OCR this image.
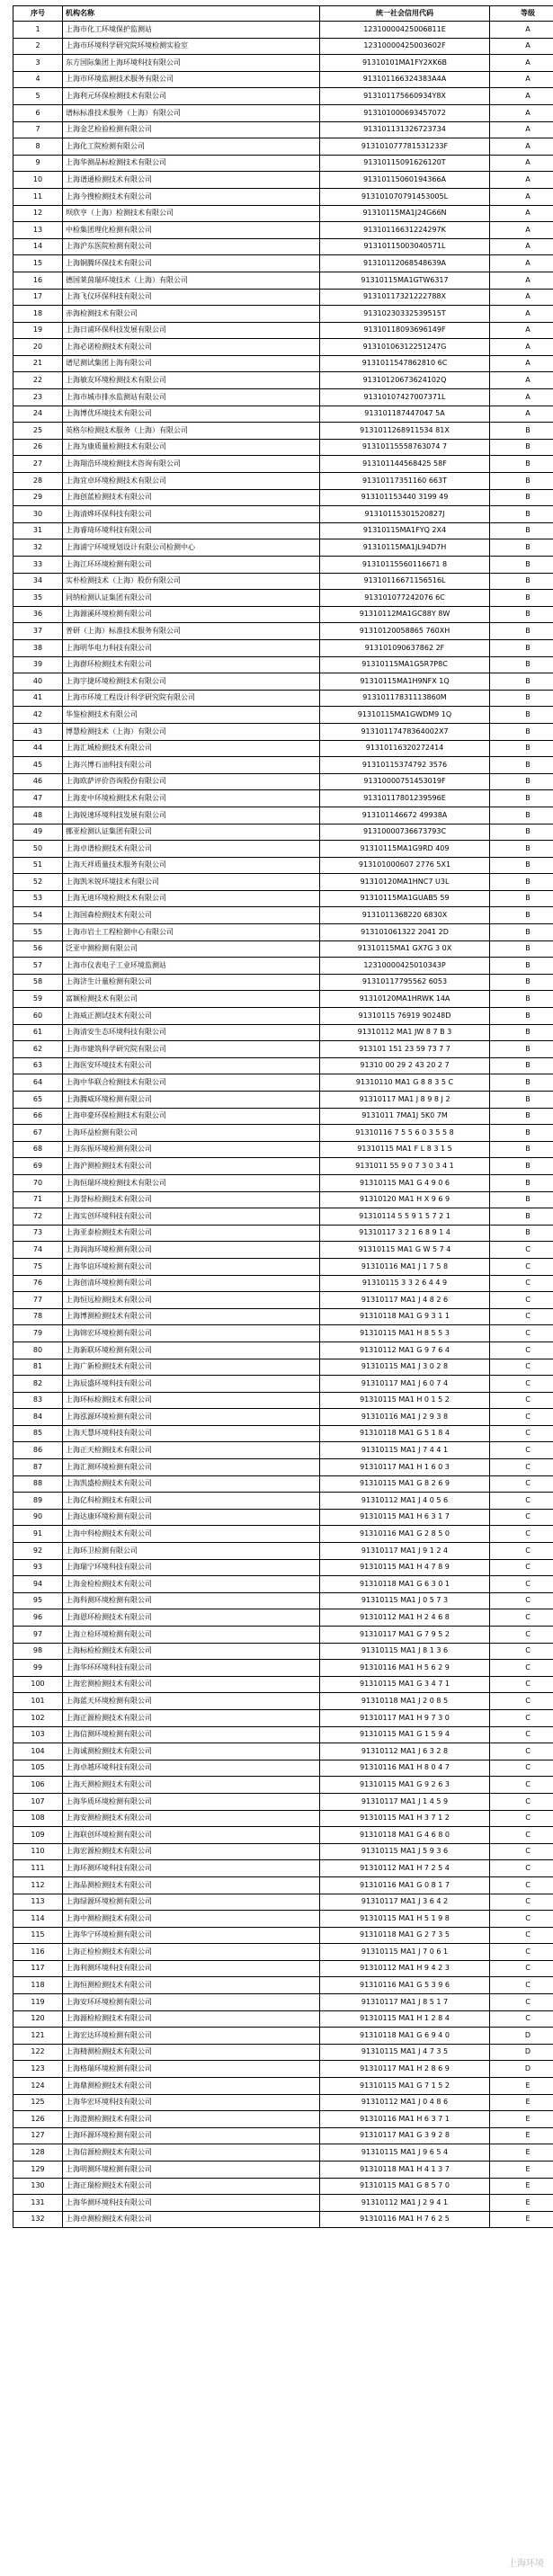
序号	机构名称	统一社会信用代码	等级
1	上海市化工环境保护监测站	12310000425006811E	A
2	上海市环境科学研究院环境检测实验室	12310000425003602F	A
3	东方国际集团上海环境科技有限公司	91310101MA1FY2XK6B	A
4	上海市环境监测技术服务有限公司	913101166324383A4A	A
5	上海利元环保检测技术有限公司	913101175660934Y8X	A
6	谱标标准技术服务（上海）有限公司	913101000693457072	A
7	上海金艺检验检测有限公司	913101131326723734	A
8	上海化工院检测有限公司	913101077781531233F	A
9	上海华测品标检测技术有限公司	91310115091626120T	A
10	上海谱通检测技术有限公司	91310115060194366A	A
11	上海今搜检测技术有限公司	913101070791453005L	A
12	坝欣亨（上海）检测技术有限公司	91310115MA1J24G66N	A
13	中检集团理化检测有限公司	91310116631224297K	A
14	上海沪东医院检测有限公司	91310115003040571L	A
15	上海铜腾环保技术有限公司	91310112068548639A	A
16	德国莱茵瑞环境技术（上海）有限公司	91310115MA1GTW6317	A
17	上海飞仪环保科技有限公司	91310117321222788X	A
18	赤海检测技术有限公司	91310230332539515T	A
19	上海日浦环保科技发展有限公司	91310118093696149F	A
20	上海必诺检测技术有限公司	91310106312251247G	A
21	谱尼测试集团上海有限公司	9131011547862810 6C	A
22	上海敏友环境检测技术有限公司	91310120673624102Q	A
23	上海市城市排水监测站有限公司	91310107427007371L	A
24	上海博优环境技术有限公司	913101187447047 5A	A
25	英格尔检测技术服务（上海）有限公司	9131011268911534 81X	B
26	上海为康质量检测技术有限公司	91310115558763074 7	B
27	上海翔浩环境检测技术咨询有限公司	913101144568425 58F	B
28	上海宜卓环境检测技术有限公司	91310117351160 663T	B
29	上海创蓝检测技术有限公司	913101153440 3199 49	B
30	上海清烨环保科技有限公司	91310115301520827J	B
31	上海睿琦环境科技有限公司	91310115MA1FYQ 2X4	B
32	上海浦宁环境规划设计有限公司检测中心	91310115MA1JL94D7H	B
33	上海江环环境检测有限公司	91310115560116671 8	B
34	实朴检测技术（上海）股份有限公司	91310116671156516L	B
35	同纳检测认证集团有限公司	913101077242076 6C	B
36	上海源溪环境检测有限公司	91310112MA1GC88Y 8W	B
37	普研（上海）标准技术服务有限公司	91310120058865 760XH	B
38	上海明华电力科技有限公司	913101090637862 2F	B
39	上海群环检测技术有限公司	91310115MA1G5R7P8C	B
40	上海宇捷环境检测技术有限公司	91310115MA1H9NFX 1Q	B
41	上海市环境工程设计科学研究院有限公司	91310117831113860M	B
42	华鉴检测技术有限公司	91310115MA1GWDM9 1Q	B
43	博慧检测技术（上海）有限公司	91310117478364002X7	B
44	上海汇城检测技术有限公司	91310116320272414	B
45	上海兴博石油科技有限公司	91310115374792 3576	B
46	上海欧萨评价咨询股份有限公司	91310000751453019F	B
47	上海麦中环境检测技术有限公司	91310117801239596E	B
48	上海锐速环境科技发展有限公司	913101146672 49938A	B
49	挪亚检测认证集团有限公司	91310000736673793C	B
50	上海卓谱检测技术有限公司	91310115MA1G9RD 409	B
51	上海天祥质量技术服务有限公司	913101000607 2776 5X1	B
52	上海凯米锐环境技术有限公司	91310120MA1HNC7 U3L	B
53	上海无迪环境检测技术有限公司	91310115MA1GUAB5 59	B
54	上海国森检测技术有限公司	9131011368220 6830X	B
55	上海市岩土工程检测中心有限公司	913101061322 2041 2D	B
56	泛亚中测检测有限公司	91310115MA1 GX7G 3 0X	B
57	上海市仪表电子工业环境监测站	12310000425010343P	B
58	上海济生计量检测有限公司	91310117795562 6053	B
59	富颖检测技术有限公司	91310120MA1HRWK 14A	B
60	上海威正测试技术有限公司	91310115 76919 90248D	B
61	上海清安生态环境科技有限公司	91310112 MA1 JW 8 7 B 3	B
62	上海市建筑科学研究院有限公司	913101 151 23 59 73 7 7	B
63	上海医安环境技术有限公司	91310 00 29 2 43 20 2 7	B
64	上海中华联合检测技术有限公司	91310110 MA1 G 8 8 3 5 C	B
65	上海腾威环境检测有限公司	91310117 MA1 J 8 9 8 J 2	B
66	上海申豪环保检测技术有限公司	9131011 7MA1J 5K0 7M	B
67	上海环益检测有限公司	91310116 7 5 5 6 0 3 5 5 8	B
68	上海东振环境检测有限公司	91310115 MA1 F L 8 3 1 5	B
69	上海沪测检测技术有限公司	9131011 55 9 0 7 3 0 3 4 1	B
70	上海恒瑞环境检测技术有限公司	91310115 MA1 G 4 9 0 6	B
71	上海誉标检测技术有限公司	91310120 MA1 H X 9 6 9	B
72	上海实创环境科技有限公司	91310114 5 5 9 1 5 7 2 1	B
73	上海亚泰检测技术有限公司	91310117 3 2 1 6 8 9 1 4	B
74	上海润海环境检测有限公司	91310115 MA1 G W 5 7 4	C
75	上海华谊环境检测有限公司	91310116 MA1 J 1 7 5 8	C
76	上海创清环境检测有限公司	91310115 3 3 2 6 4 4 9	C
77	上海恒远检测技术有限公司	91310117 MA1 J 4 8 2 6	C
78	上海博测检测技术有限公司	91310118 MA1 G 9 3 1 1	C
79	上海锦宏环境检测有限公司	91310115 MA1 H 8 5 5 3	C
80	上海新联环境检测有限公司	91310112 MA1 G 9 7 6 4	C
81	上海广新检测技术有限公司	91310115 MA1 J 3 0 2 8	C
82	上海辰盛环境科技有限公司	91310117 MA1 J 6 0 7 4	C
83	上海环标检测技术有限公司	91310115 MA1 H 0 1 5 2	C
84	上海泓源环境检测有限公司	91310116 MA1 J 2 9 3 8	C
85	上海天慧环境科技有限公司	91310118 MA1 G 5 1 8 4	C
86	上海正天检测技术有限公司	91310115 MA1 J 7 4 4 1	C
87	上海汇测环境检测有限公司	91310117 MA1 H 1 6 0 3	C
88	上海凯盛检测技术有限公司	91310115 MA1 G 8 2 6 9	C
89	上海亿科检测技术有限公司	91310112 MA1 J 4 0 5 6	C
90	上海达康环境检测有限公司	91310115 MA1 H 6 3 1 7	C
91	上海中科检测技术有限公司	91310116 MA1 G 2 8 5 0	C
92	上海环卫检测有限公司	91310117 MA1 J 9 1 2 4	C
93	上海瑞宁环境科技有限公司	91310115 MA1 H 4 7 8 9	C
94	上海金检检测技术有限公司	91310118 MA1 G 6 3 0 1	C
95	上海科测环境检测有限公司	91310115 MA1 J 0 5 7 3	C
96	上海恩环检测技术有限公司	91310112 MA1 H 2 4 6 8	C
97	上海立检环境检测有限公司	91310117 MA1 G 7 9 5 2	C
98	上海标检检测技术有限公司	91310115 MA1 J 8 1 3 6	C
99	上海华环环境科技有限公司	91310116 MA1 H 5 6 2 9	C
100	上海宏测检测技术有限公司	91310115 MA1 G 3 4 7 1	C
101	上海蓝天环境检测有限公司	91310118 MA1 J 2 0 8 5	C
102	上海正源检测技术有限公司	91310117 MA1 H 9 7 3 0	C
103	上海信测环境检测有限公司	91310115 MA1 G 1 5 9 4	C
104	上海诚测检测技术有限公司	91310112 MA1 J 6 3 2 8	C
105	上海卓越环境科技有限公司	91310116 MA1 H 8 0 4 7	C
106	上海天测检测技术有限公司	91310115 MA1 G 9 2 6 3	C
107	上海华质环境检测有限公司	91310117 MA1 J 1 4 5 9	C
108	上海安测检测技术有限公司	91310115 MA1 H 3 7 1 2	C
109	上海联创环境检测有限公司	91310118 MA1 G 4 6 8 0	C
110	上海宏源检测技术有限公司	91310115 MA1 J 5 9 3 6	C
111	上海环测环境科技有限公司	91310112 MA1 H 7 2 5 4	C
112	上海品测检测技术有限公司	91310116 MA1 G 0 8 1 7	C
113	上海绿源环境检测有限公司	91310117 MA1 J 3 6 4 2	C
114	上海中测检测技术有限公司	91310115 MA1 H 5 1 9 8	C
115	上海华宁环境检测有限公司	91310118 MA1 G 2 7 3 5	C
116	上海正检检测技术有限公司	91310115 MA1 J 7 0 6 1	C
117	上海利测环境科技有限公司	91310112 MA1 H 9 4 2 3	C
118	上海恒测检测技术有限公司	91310116 MA1 G 5 3 9 6	C
119	上海安环环境检测有限公司	91310117 MA1 J 8 5 1 7	C
120	上海源检检测技术有限公司	91310115 MA1 H 1 2 8 4	C
121	上海宏达环境检测有限公司	91310118 MA1 G 6 9 4 0	D
122	上海精测检测技术有限公司	91310115 MA1 J 4 7 3 5	D
123	上海格瑞环境检测有限公司	91310117 MA1 H 2 8 6 9	D
124	上海鼎测检测技术有限公司	91310115 MA1 G 7 1 5 2	E
125	上海华宏环境科技有限公司	91310112 MA1 J 0 4 8 6	E
126	上海澄测检测技术有限公司	91310116 MA1 H 6 3 7 1	E
127	上海环源环境检测有限公司	91310117 MA1 G 3 9 2 8	E
128	上海信源检测技术有限公司	91310115 MA1 J 9 6 5 4	E
129	上海明测环境检测有限公司	91310118 MA1 H 4 1 3 7	E
130	上海正瑞检测技术有限公司	91310115 MA1 G 8 5 7 0	E
131	上海华测环境科技有限公司	91310112 MA1 J 2 9 4 1	E
132	上海卓测检测技术有限公司	91310116 MA1 H 7 6 2 5	E
上海环境
